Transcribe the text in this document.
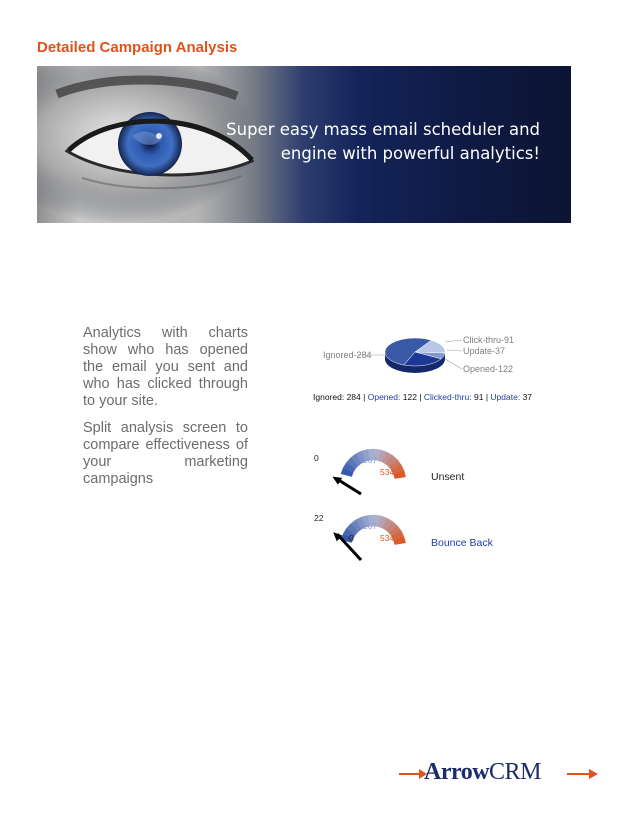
Detailed Campaign Analysis
Super easy mass email scheduler and
engine with powerful analytics!
Analytics with charts show who has opened the email you sent and who has clicked through to your site.
Split analysis screen to compare effectiveness of your marketing campaigns
Ignored-284
Click-thru-91
Update-37
Opened-122
Ignored: 284 | Opened: 122 | Clicked-thru: 91 | Update: 37
0	267
534	Unsent
22
0
267
534	Bounce Back
ArrowCRM
